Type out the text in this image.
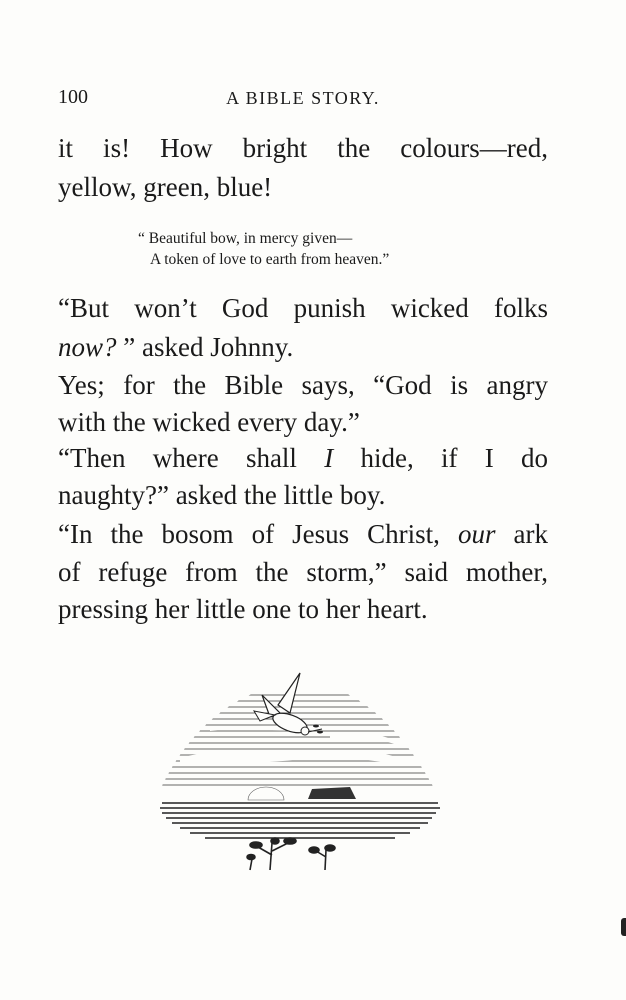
100	A BIBLE STORY.
it is! How bright the colours—red,
yellow, green, blue!
“ Beautiful bow, in mercy given—
A token of love to earth from heaven.”
“But won’t God punish wicked folks
now? ” asked Johnny.
Yes; for the Bible says, “God is angry
with the wicked every day.”
“Then where shall I hide, if I do
naughty?” asked the little boy.
“In the bosom of Jesus Christ, our ark
of refuge from the storm,” said mother,
pressing her little one to her heart.
